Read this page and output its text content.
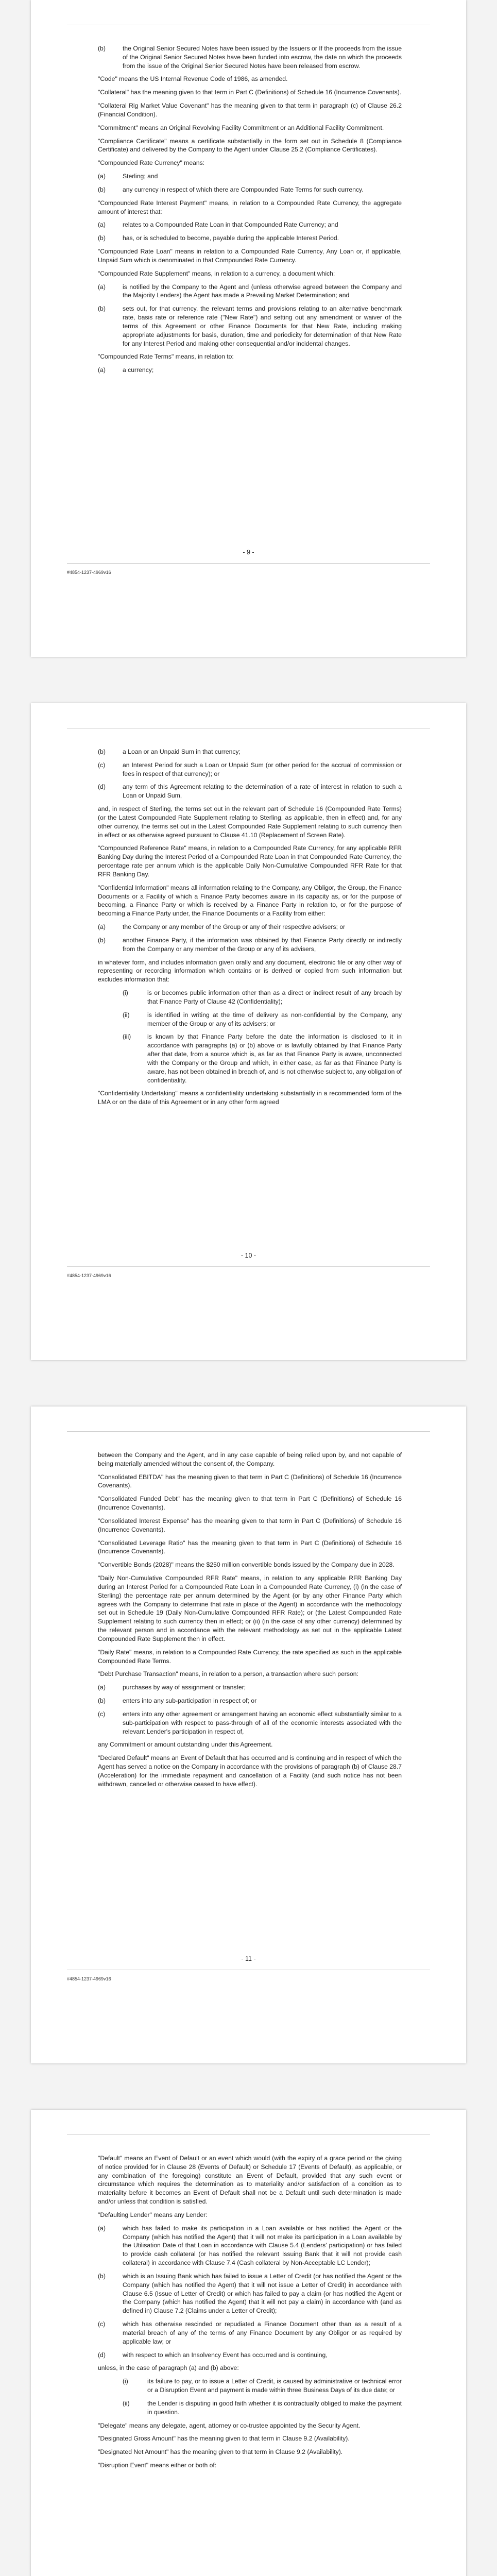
(b)	the Original Senior Secured Notes have been issued by the Issuers or If the proceeds from the issue of the Original Senior Secured Notes have been funded into escrow, the date on which the proceeds from the issue of the Original Senior Secured Notes have been released from escrow.

"Code" means the US Internal Revenue Code of 1986, as amended.

"Collateral" has the meaning given to that term in Part C (Definitions) of Schedule 16 (Incurrence Covenants).

"Collateral Rig Market Value Covenant" has the meaning given to that term in paragraph (c) of Clause 26.2 (Financial Condition).

"Commitment" means an Original Revolving Facility Commitment or an Additional Facility Commitment.

"Compliance Certificate" means a certificate substantially in the form set out in Schedule 8 (Compliance Certificate) and delivered by the Company to the Agent under Clause 25.2 (Compliance Certificates).

"Compounded Rate Currency" means:

(a)	Sterling; and
(b)	any currency in respect of which there are Compounded Rate Terms for such currency.

"Compounded Rate Interest Payment" means, in relation to a Compounded Rate Currency, the aggregate amount of interest that:

(a)	relates to a Compounded Rate Loan in that Compounded Rate Currency; and
(b)	has, or is scheduled to become, payable during the applicable Interest Period.

"Compounded Rate Loan" means in relation to a Compounded Rate Currency, Any Loan or, if applicable, Unpaid Sum which is denominated in that Compounded Rate Currency.

"Compounded Rate Supplement" means, in relation to a currency, a document which:

(a)	is notified by the Company to the Agent and (unless otherwise agreed between the Company and the Majority Lenders) the Agent has made a Prevailing Market Determination; and
(b)	sets out, for that currency, the relevant terms and provisions relating to an alternative benchmark rate, basis rate or reference rate ("New Rate") and setting out any amendment or waiver of the terms of this Agreement or other Finance Documents for that New Rate, including making appropriate adjustments for basis, duration, time and periodicity for determination of that New Rate for any Interest Period and making other consequential and/or incidental changes.

"Compounded Rate Terms" means, in relation to:

(a)	a currency;
- 9 -
#4854-1237-4969v16
(b)	a Loan or an Unpaid Sum in that currency;
(c)	an Interest Period for such a Loan or Unpaid Sum (or other period for the accrual of commission or fees in respect of that currency); or
(d)	any term of this Agreement relating to the determination of a rate of interest in relation to such a Loan or Unpaid Sum,

and, in respect of Sterling, the terms set out in the relevant part of Schedule 16 (Compounded Rate Terms) (or the Latest Compounded Rate Supplement relating to Sterling, as applicable, then in effect) and, for any other currency, the terms set out in the Latest Compounded Rate Supplement relating to such currency then in effect or as otherwise agreed pursuant to Clause 41.10 (Replacement of Screen Rate).

"Compounded Reference Rate" means, in relation to a Compounded Rate Currency, for any applicable RFR Banking Day during the Interest Period of a Compounded Rate Loan in that Compounded Rate Currency, the percentage rate per annum which is the applicable Daily Non-Cumulative Compounded RFR Rate for that RFR Banking Day.

"Confidential Information" means all information relating to the Company, any Obligor, the Group, the Finance Documents or a Facility of which a Finance Party becomes aware in its capacity as, or for the purpose of becoming, a Finance Party or which is received by a Finance Party in relation to, or for the purpose of becoming a Finance Party under, the Finance Documents or a Facility from either:

(a)	the Company or any member of the Group or any of their respective advisers; or
(b)	another Finance Party, if the information was obtained by that Finance Party directly or indirectly from the Company or any member of the Group or any of its advisers,

in whatever form, and includes information given orally and any document, electronic file or any other way of representing or recording information which contains or is derived or copied from such information but excludes information that:

(i)	is or becomes public information other than as a direct or indirect result of any breach by that Finance Party of Clause 42 (Confidentiality);
(ii)	is identified in writing at the time of delivery as non-confidential by the Company, any member of the Group or any of its advisers; or
(iii)	is known by that Finance Party before the date the information is disclosed to it in accordance with paragraphs (a) or (b) above or is lawfully obtained by that Finance Party after that date, from a source which is, as far as that Finance Party is aware, unconnected with the Company or the Group and which, in either case, as far as that Finance Party is aware, has not been obtained in breach of, and is not otherwise subject to, any obligation of confidentiality.

"Confidentiality Undertaking" means a confidentiality undertaking substantially in a recommended form of the LMA or on the date of this Agreement or in any other form agreed

- 10 -
#4854-1237-4969v16

between the Company and the Agent, and in any case capable of being relied upon by, and not capable of being materially amended without the consent of, the Company.

"Consolidated EBITDA" has the meaning given to that term in Part C (Definitions) of Schedule 16 (Incurrence Covenants).

"Consolidated Funded Debt" has the meaning given to that term in Part C (Definitions) of Schedule 16 (Incurrence Covenants).

"Consolidated Interest Expense" has the meaning given to that term in Part C (Definitions) of Schedule 16 (Incurrence Covenants).

"Consolidated Leverage Ratio" has the meaning given to that term in Part C (Definitions) of Schedule 16 (Incurrence Covenants).

"Convertible Bonds (2028)" means the $250 million convertible bonds issued by the Company due in 2028.

"Daily Non-Cumulative Compounded RFR Rate" means, in relation to any applicable RFR Banking Day during an Interest Period for a Compounded Rate Loan in a Compounded Rate Currency, (i) (in the case of Sterling) the percentage rate per annum determined by the Agent (or by any other Finance Party which agrees with the Company to determine that rate in place of the Agent) in accordance with the methodology set out in Schedule 19 (Daily Non-Cumulative Compounded RFR Rate); or (the Latest Compounded Rate Supplement relating to such currency then in effect; or (ii) (in the case of any other currency) determined by the relevant person and in accordance with the relevant methodology as set out in the applicable Latest Compounded Rate Supplement then in effect.

"Daily Rate" means, in relation to a Compounded Rate Currency, the rate specified as such in the applicable Compounded Rate Terms.

"Debt Purchase Transaction" means, in relation to a person, a transaction where such person:

(a)	purchases by way of assignment or transfer;
(b)	enters into any sub-participation in respect of; or
(c)	enters into any other agreement or arrangement having an economic effect substantially similar to a sub-participation with respect to pass-through of all of the economic interests associated with the relevant Lender's participation in respect of,

any Commitment or amount outstanding under this Agreement.

"Declared Default" means an Event of Default that has occurred and is continuing and in respect of which the Agent has served a notice on the Company in accordance with the provisions of paragraph (b) of Clause 28.7 (Acceleration) for the immediate repayment and cancellation of a Facility (and such notice has not been withdrawn, cancelled or otherwise ceased to have effect).

- 11 -
#4854-1237-4969v16

"Default" means an Event of Default or an event which would (with the expiry of a grace period or the giving of notice provided for in Clause 28 (Events of Default) or Schedule 17 (Events of Default), as applicable, or any combination of the foregoing) constitute an Event of Default, provided that any such event or circumstance which requires the determination as to materiality and/or satisfaction of a condition as to materiality before it becomes an Event of Default shall not be a Default until such determination is made and/or unless that condition is satisfied.

"Defaulting Lender" means any Lender:

(a)	which has failed to make its participation in a Loan available or has notified the Agent or the Company (which has notified the Agent) that it will not make its participation in a Loan available by the Utilisation Date of that Loan in accordance with Clause 5.4 (Lenders' participation) or has failed to provide cash collateral (or has notified the relevant Issuing Bank that it will not provide cash collateral) in accordance with Clause 7.4 (Cash collateral by Non-Acceptable LC Lender);
(b)	which is an Issuing Bank which has failed to issue a Letter of Credit (or has notified the Agent or the Company (which has notified the Agent) that it will not issue a Letter of Credit) in accordance with Clause 6.5 (Issue of Letter of Credit) or which has failed to pay a claim (or has notified the Agent or the Company (which has notified the Agent) that it will not pay a claim) in accordance with (and as defined in) Clause 7.2 (Claims under a Letter of Credit);
(c)	which has otherwise rescinded or repudiated a Finance Document other than as a result of a material breach of any of the terms of any Finance Document by any Obligor or as required by applicable law; or
(d)	with respect to which an Insolvency Event has occurred and is continuing,

unless, in the case of paragraph (a) and (b) above:

(i)	its failure to pay, or to issue a Letter of Credit, is caused by administrative or technical error or a Disruption Event and payment is made within three Business Days of its due date; or
(ii)	the Lender is disputing in good faith whether it is contractually obliged to make the payment in question.

"Delegate" means any delegate, agent, attorney or co-trustee appointed by the Security Agent.

"Designated Gross Amount" has the meaning given to that term in Clause 9.2 (Availability).

"Designated Net Amount" has the meaning given to that term in Clause 9.2 (Availability).

"Disruption Event" means either or both of:
